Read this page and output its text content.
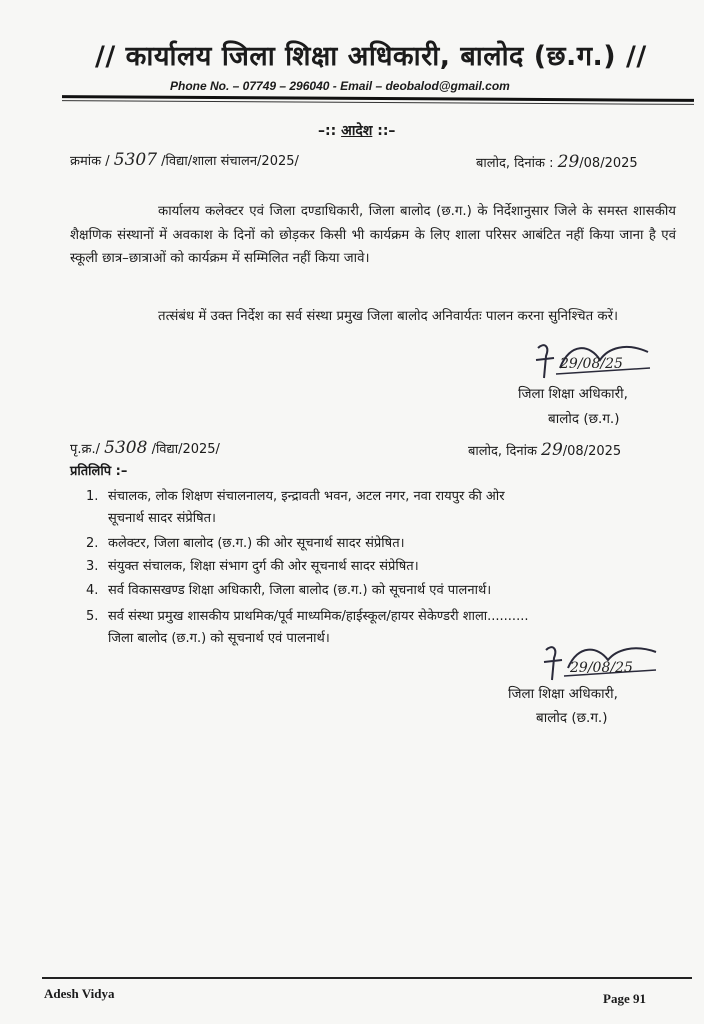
// कार्यालय जिला शिक्षा अधिकारी, बालोद (छ.ग.) //
Phone No. – 07749 – 296040 - Email – deobalod@gmail.com
–:: आदेश ::–
क्रमांक / 5307 /विद्या/शाला संचालन/2025/	बालोद, दिनांक : 29/08/2025
कार्यालय कलेक्टर एवं जिला दण्डाधिकारी, जिला बालोद (छ.ग.) के निर्देशानुसार जिले के समस्त शासकीय शैक्षणिक संस्थानों में अवकाश के दिनों को छोड़कर किसी भी कार्यक्रम के लिए शाला परिसर आबंटित नहीं किया जाना है एवं स्कूली छात्र–छात्राओं को कार्यक्रम में सम्मिलित नहीं किया जावे।
तत्संबंध में उक्त निर्देश का सर्व संस्था प्रमुख जिला बालोद अनिवार्यतः पालन करना सुनिश्चित करें।
29/08/25
जिला शिक्षा अधिकारी,
बालोद (छ.ग.)
पृ.क्र./ 5308 /विद्या/2025/	बालोद, दिनांक 29/08/2025
प्रतिलिपि :–
1. संचालक, लोक शिक्षण संचालनालय, इन्द्रावती भवन, अटल नगर, नवा रायपुर की ओर
सूचनार्थ सादर संप्रेषित।
2. कलेक्टर, जिला बालोद (छ.ग.) की ओर सूचनार्थ सादर संप्रेषित।
3. संयुक्त संचालक, शिक्षा संभाग दुर्ग की ओर सूचनार्थ सादर संप्रेषित।
4. सर्व विकासखण्ड शिक्षा अधिकारी, जिला बालोद (छ.ग.) को सूचनार्थ एवं पालनार्थ।
5. सर्व संस्था प्रमुख शासकीय प्राथमिक/पूर्व माध्यमिक/हाईस्कूल/हायर सेकेण्डरी शाला..........
जिला बालोद (छ.ग.) को सूचनार्थ एवं पालनार्थ।
29/08/25
जिला शिक्षा अधिकारी,
बालोद (छ.ग.)
Adesh Vidya	Page 91
